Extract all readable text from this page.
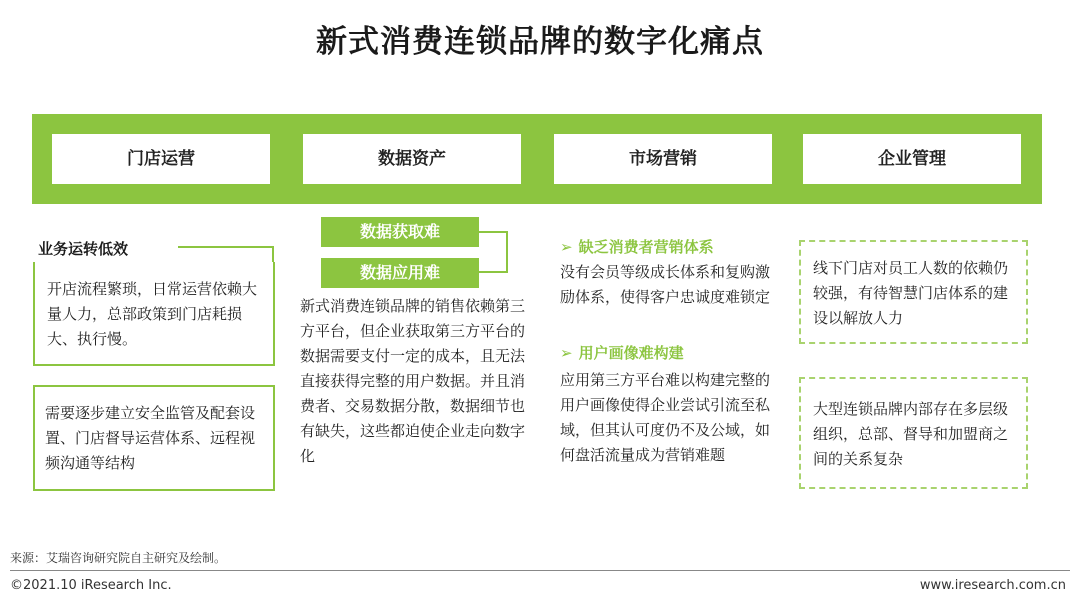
新式消费连锁品牌的数字化痛点
门店运营	数据资产	市场营销	企业管理
业务运转低效
开店流程繁琐，日常运营依赖大量人力，总部政策到门店耗损大、执行慢。
需要逐步建立安全监管及配套设置、门店督导运营体系、远程视频沟通等结构
数据获取难
数据应用难
新式消费连锁品牌的销售依赖第三方平台，但企业获取第三方平台的数据需要支付一定的成本，且无法直接获得完整的用户数据。并且消费者、交易数据分散，数据细节也有缺失，这些都迫使企业走向数字化
➢ 缺乏消费者营销体系
没有会员等级成长体系和复购激励体系，使得客户忠诚度难锁定
➢ 用户画像难构建
应用第三方平台难以构建完整的用户画像使得企业尝试引流至私域，但其认可度仍不及公域，如何盘活流量成为营销难题
线下门店对员工人数的依赖仍较强，有待智慧门店体系的建设以解放人力
大型连锁品牌内部存在多层级组织，总部、督导和加盟商之间的关系复杂
来源：艾瑞咨询研究院自主研究及绘制。
©2021.10 iResearch Inc.	www.iresearch.com.cn
